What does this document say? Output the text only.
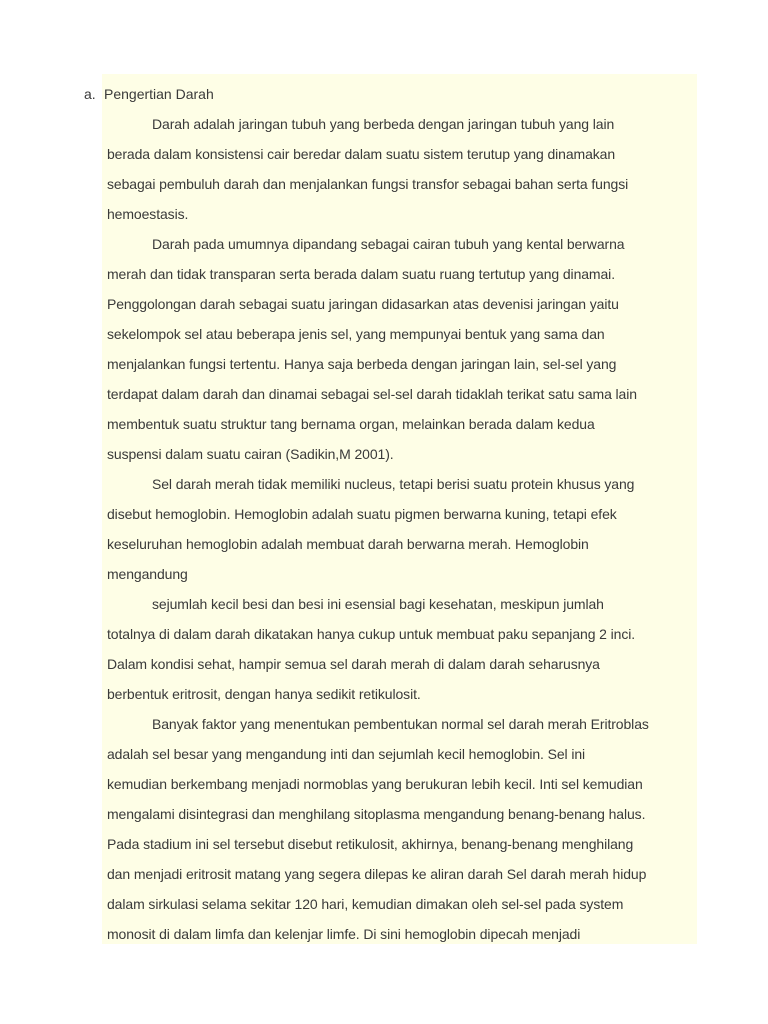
a. Pengertian Darah
Darah adalah jaringan tubuh yang berbeda dengan jaringan tubuh yang lain
berada dalam konsistensi cair beredar dalam suatu sistem terutup yang dinamakan
sebagai pembuluh darah dan menjalankan fungsi transfor sebagai bahan serta fungsi
hemoestasis.
Darah pada umumnya dipandang sebagai cairan tubuh yang kental berwarna
merah dan tidak transparan serta berada dalam suatu ruang tertutup yang dinamai.
Penggolongan darah sebagai suatu jaringan didasarkan atas devenisi jaringan yaitu
sekelompok sel atau beberapa jenis sel, yang mempunyai bentuk yang sama dan
menjalankan fungsi tertentu. Hanya saja berbeda dengan jaringan lain, sel-sel yang
terdapat dalam darah dan dinamai sebagai sel-sel darah tidaklah terikat satu sama lain
membentuk suatu struktur tang bernama organ, melainkan berada dalam kedua
suspensi dalam suatu cairan (Sadikin,M 2001).
Sel darah merah tidak memiliki nucleus, tetapi berisi suatu protein khusus yang
disebut hemoglobin. Hemoglobin adalah suatu pigmen berwarna kuning, tetapi efek
keseluruhan hemoglobin adalah membuat darah berwarna merah. Hemoglobin
mengandung
sejumlah kecil besi dan besi ini esensial bagi kesehatan, meskipun jumlah
totalnya di dalam darah dikatakan hanya cukup untuk membuat paku sepanjang 2 inci.
Dalam kondisi sehat, hampir semua sel darah merah di dalam darah seharusnya
berbentuk eritrosit, dengan hanya sedikit retikulosit.
Banyak faktor yang menentukan pembentukan normal sel darah merah Eritroblas
adalah sel besar yang mengandung inti dan sejumlah kecil hemoglobin. Sel ini
kemudian berkembang menjadi normoblas yang berukuran lebih kecil. Inti sel kemudian
mengalami disintegrasi dan menghilang sitoplasma mengandung benang-benang halus.
Pada stadium ini sel tersebut disebut retikulosit, akhirnya, benang-benang menghilang
dan menjadi eritrosit matang yang segera dilepas ke aliran darah Sel darah merah hidup
dalam sirkulasi selama sekitar 120 hari, kemudian dimakan oleh sel-sel pada system
monosit di dalam limfa dan kelenjar limfe. Di sini hemoglobin dipecah menjadi
